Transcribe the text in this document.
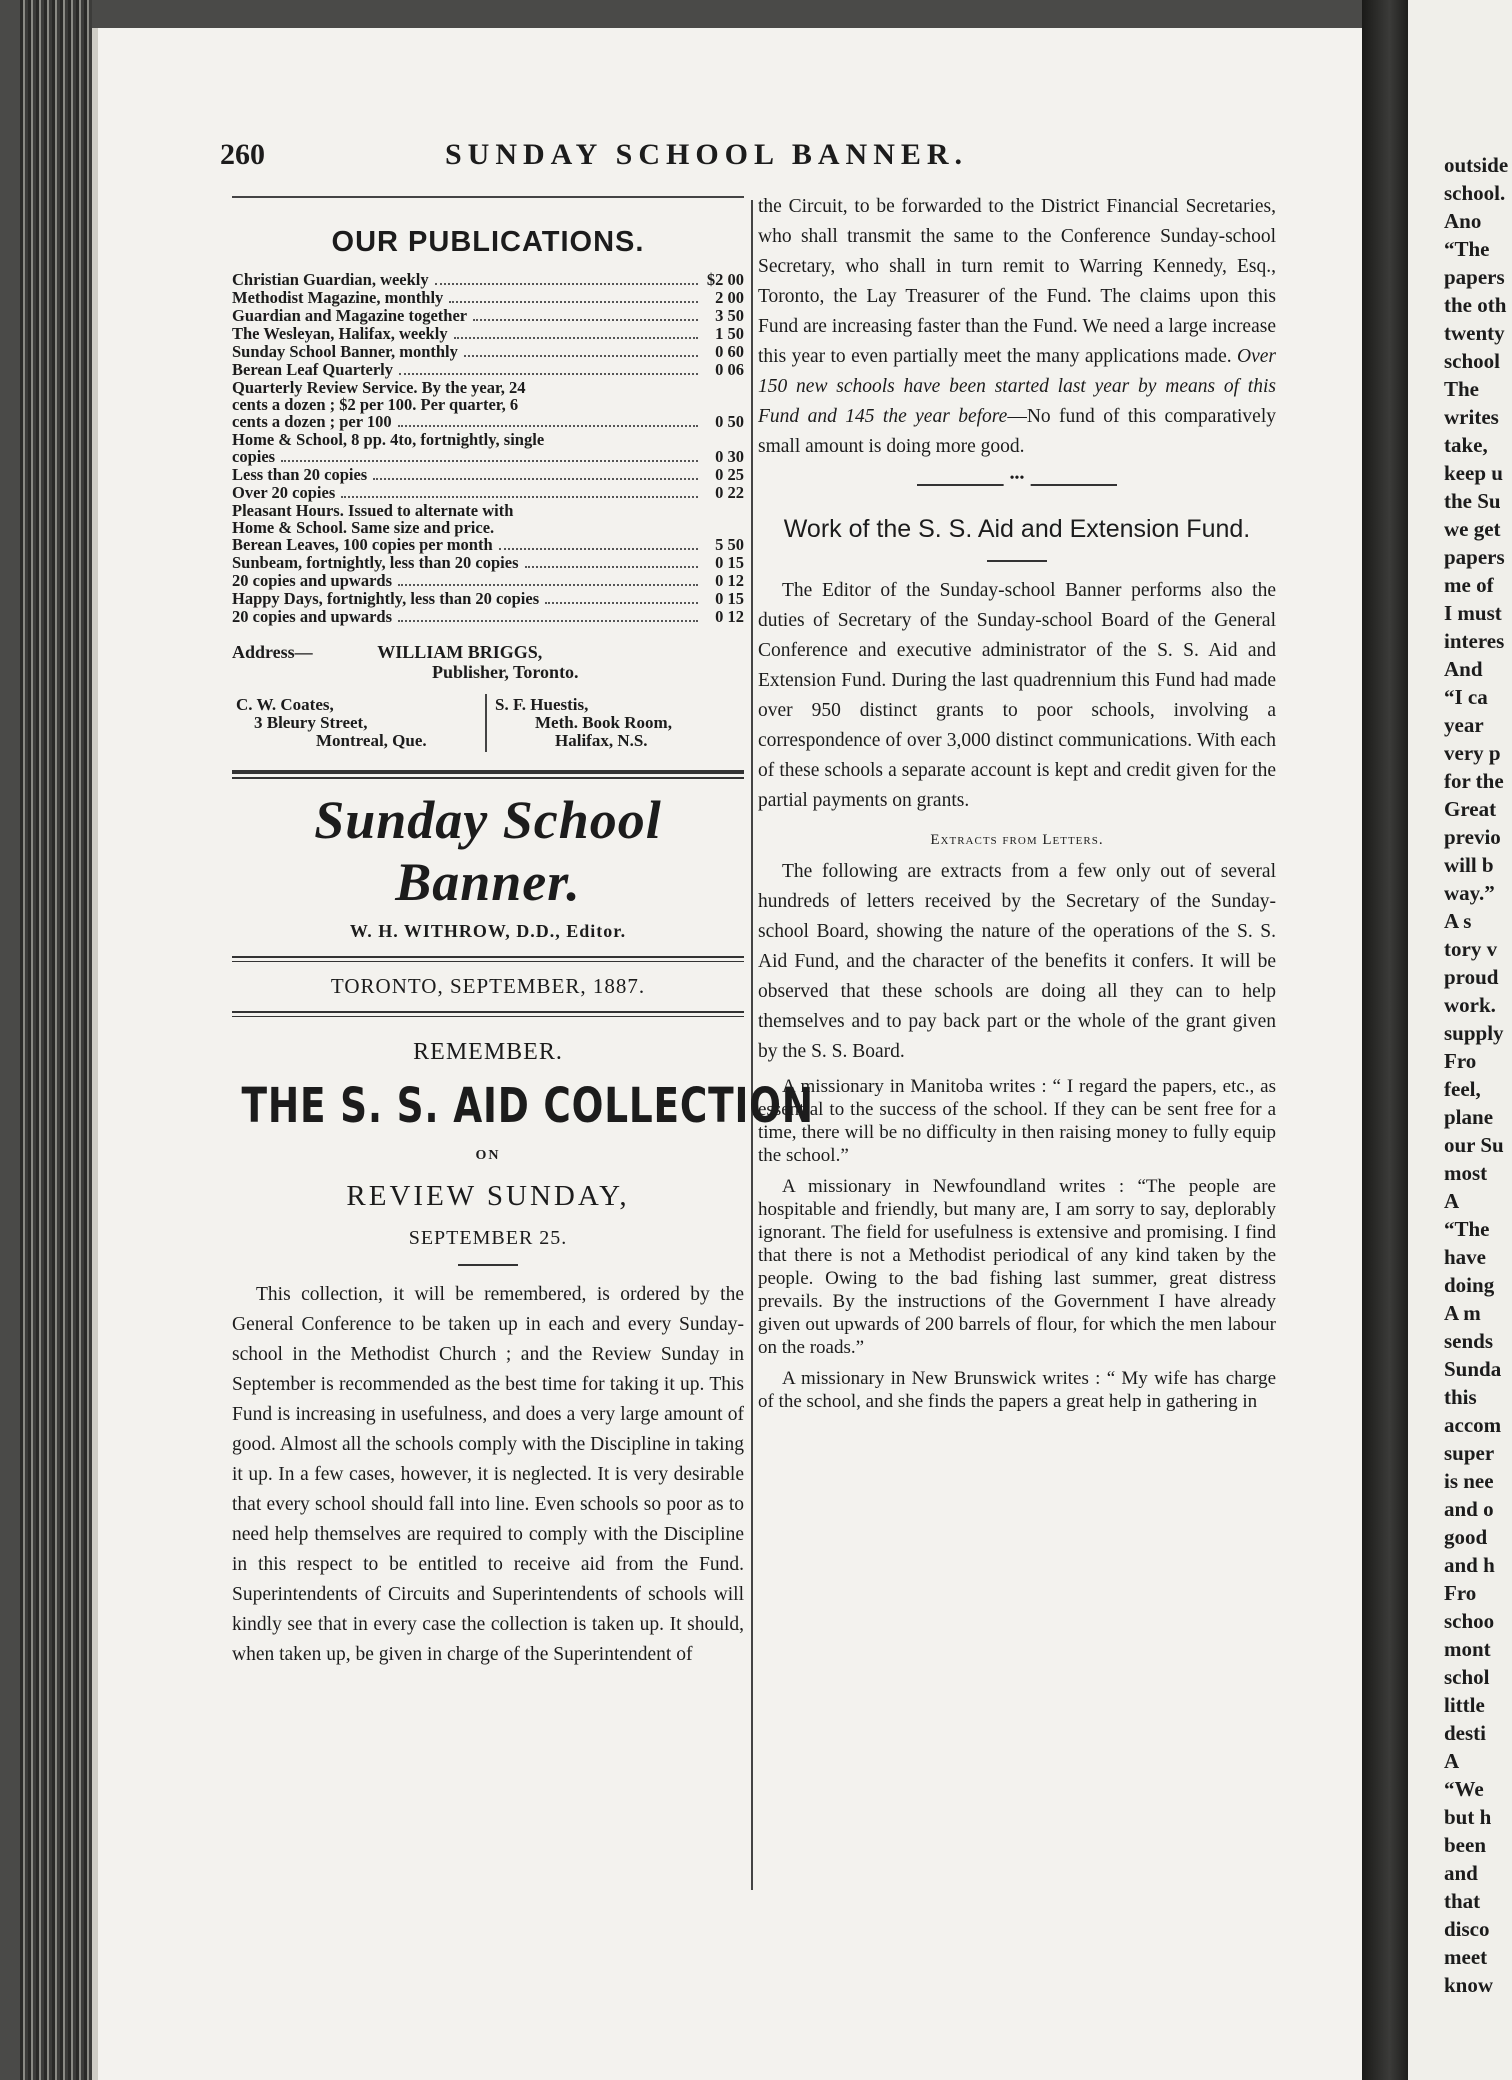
260	SUNDAY SCHOOL BANNER.
OUR PUBLICATIONS.
Christian Guardian, weekly	$2 00
Methodist Magazine, monthly	2 00
Guardian and Magazine together	3 50
The Wesleyan, Halifax, weekly	1 50
Sunday School Banner, monthly	0 60
Berean Leaf Quarterly	0 06
Quarterly Review Service. By the year, 24
cents a dozen ; $2 per 100. Per quarter, 6
cents a dozen ; per 100	0 50
Home & School, 8 pp. 4to, fortnightly, single
copies	0 30
Less than 20 copies	0 25
Over 20 copies	0 22
Pleasant Hours. Issued to alternate with
Home & School. Same size and price.
Berean Leaves, 100 copies per month	5 50
Sunbeam, fortnightly, less than 20 copies	0 15
20 copies and upwards	0 12
Happy Days, fortnightly, less than 20 copies	0 15
20 copies and upwards	0 12
Address—	WILLIAM BRIGGS,
Publisher, Toronto.
C. W. Coates,
3 Bleury Street,
Montreal, Que.
S. F. Huestis,
Meth. Book Room,
Halifax, N.S.
Sunday School Banner.
W. H. WITHROW, D.D., Editor.
TORONTO, SEPTEMBER, 1887.
REMEMBER.
THE S. S. AID COLLECTION
ON
REVIEW SUNDAY,
SEPTEMBER 25.

This collection, it will be remembered, is ordered by the General Conference to be taken up in each and every Sunday-school in the Methodist Church ; and the Review Sunday in September is recommended as the best time for taking it up. This Fund is increasing in usefulness, and does a very large amount of good. Almost all the schools comply with the Discipline in taking it up. In a few cases, however, it is neglected. It is very desirable that every school should fall into line. Even schools so poor as to need help themselves are required to comply with the Discipline in this respect to be entitled to receive aid from the Fund. Superintendents of Circuits and Superintendents of schools will kindly see that in every case the collection is taken up. It should, when taken up, be given in charge of the Superintendent of

the Circuit, to be forwarded to the District Financial Secretaries, who shall transmit the same to the Conference Sunday-school Secretary, who shall in turn remit to Warring Kennedy, Esq., Toronto, the Lay Treasurer of the Fund. The claims upon this Fund are increasing faster than the Fund. We need a large increase this year to even partially meet the many applications made. Over 150 new schools have been started last year by means of this Fund and 145 the year before—No fund of this comparatively small amount is doing more good.

•••
Work of the S. S. Aid and Extension Fund.

The Editor of the Sunday-school Banner performs also the duties of Secretary of the Sunday-school Board of the General Conference and executive administrator of the S. S. Aid and Extension Fund. During the last quadrennium this Fund had made over 950 distinct grants to poor schools, involving a correspondence of over 3,000 distinct communications. With each of these schools a separate account is kept and credit given for the partial payments on grants.

Extracts from Letters.

The following are extracts from a few only out of several hundreds of letters received by the Secretary of the Sunday-school Board, showing the nature of the operations of the S. S. Aid Fund, and the character of the benefits it confers. It will be observed that these schools are doing all they can to help themselves and to pay back part or the whole of the grant given by the S. S. Board.

A missionary in Manitoba writes : “ I regard the papers, etc., as essential to the success of the school. If they can be sent free for a time, there will be no difficulty in then raising money to fully equip the school.”

A missionary in Newfoundland writes : “The people are hospitable and friendly, but many are, I am sorry to say, deplorably ignorant. The field for usefulness is extensive and promising. I find that there is not a Methodist periodical of any kind taken by the people. Owing to the bad fishing last summer, great distress prevails. By the instructions of the Government I have already given out upwards of 200 barrels of flour, for which the men labour on the roads.”

A missionary in New Brunswick writes : “ My wife has charge of the school, and she finds the papers a great help in gathering in

outside
school.
Ano
“The
papers
the oth
twenty
school
The
writes
take,
keep u
the Su
we get
papers
me of
I must
interes
And
“I ca
year
very p
for the
Great
previo
will b
way.”
A s
tory v
proud
work.
supply
Fro
feel,
plane
our Su
most
A
“The
have
doing
A m
sends
Sunda
this
accom
super
is nee
and o
good
and h
Fro
schoo
mont
schol
little
desti
A
“We
but h
been
and
that
disco
meet
know
